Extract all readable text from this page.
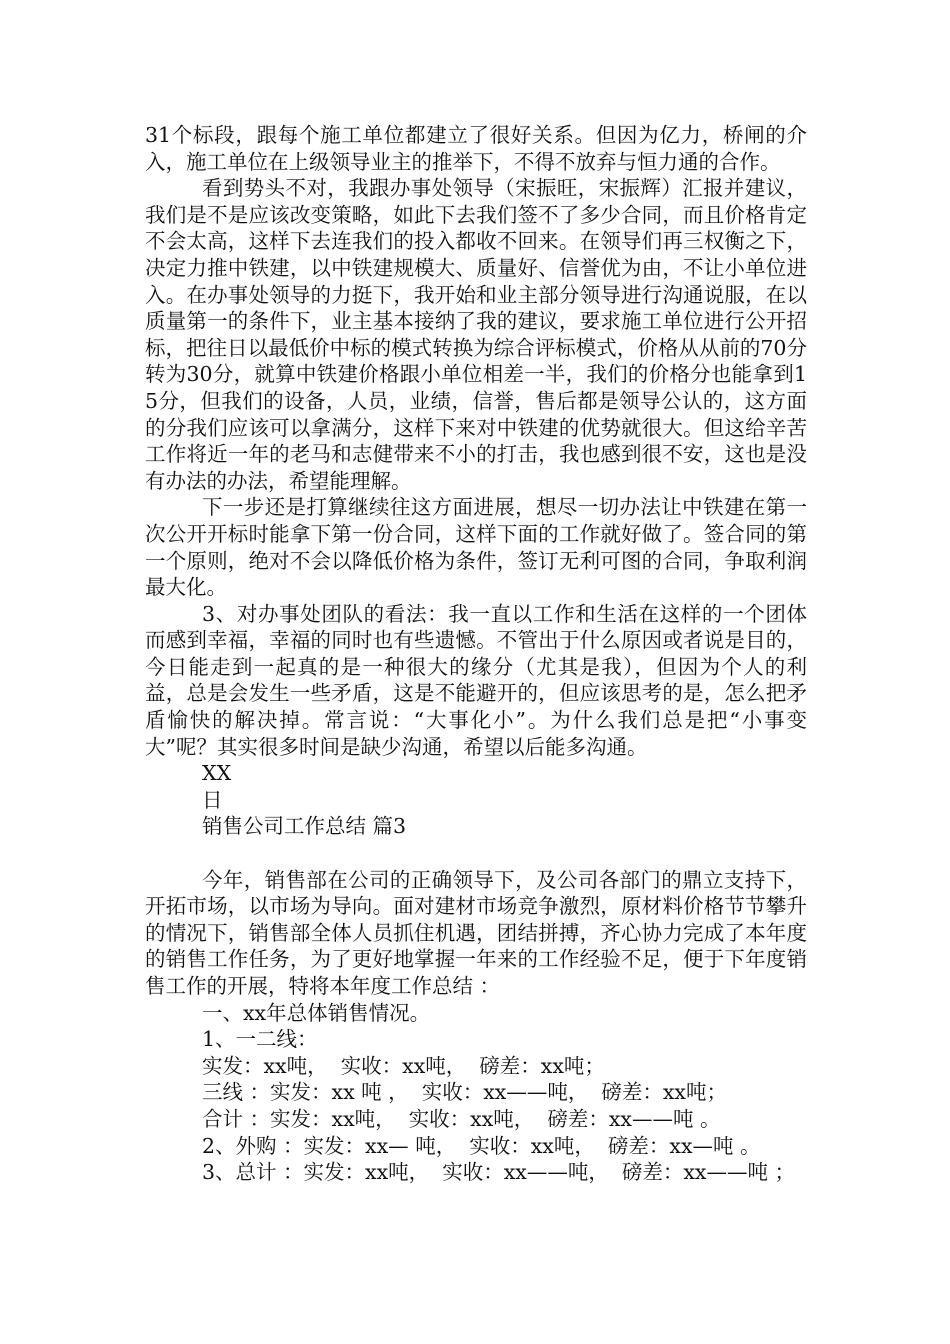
31个标段，跟每个施工单位都建立了很好关系。但因为亿力，桥闸的介入，施工单位在上级领导业主的推举下，不得不放弃与恒力通的合作。

看到势头不对，我跟办事处领导（宋振旺，宋振辉）汇报并建议，我们是不是应该改变策略，如此下去我们签不了多少合同，而且价格肯定不会太高，这样下去连我们的投入都收不回来。在领导们再三权衡之下，决定力推中铁建，以中铁建规模大、质量好、信誉优为由，不让小单位进入。在办事处领导的力挺下，我开始和业主部分领导进行沟通说服，在以质量第一的条件下，业主基本接纳了我的建议，要求施工单位进行公开招标，把往日以最低价中标的模式转换为综合评标模式，价格从从前的70分转为30分，就算中铁建价格跟小单位相差一半，我们的价格分也能拿到15分，但我们的设备，人员，业绩，信誉，售后都是领导公认的，这方面的分我们应该可以拿满分，这样下来对中铁建的优势就很大。但这给辛苦工作将近一年的老马和志健带来不小的打击，我也感到很不安，这也是没有办法的办法，希望能理解。

下一步还是打算继续往这方面进展，想尽一切办法让中铁建在第一次公开开标时能拿下第一份合同，这样下面的工作就好做了。签合同的第一个原则，绝对不会以降低价格为条件，签订无利可图的合同，争取利润最大化。

3、对办事处团队的看法：我一直以工作和生活在这样的一个团体而感到幸福，幸福的同时也有些遗憾。不管出于什么原因或者说是目的，今日能走到一起真的是一种很大的缘分（尤其是我），但因为个人的利益，总是会发生一些矛盾，这是不能避开的，但应该思考的是，怎么把矛盾愉快的解决掉。常言说：“大事化小”。为什么我们总是把“小事变大”呢？其实很多时间是缺少沟通，希望以后能多沟通。

XX

日

销售公司工作总结 篇3

今年，销售部在公司的正确领导下，及公司各部门的鼎立支持下，开拓市场，以市场为导向。面对建材市场竞争激烈，原材料价格节节攀升的情况下，销售部全体人员抓住机遇，团结拼搏，齐心协力完成了本年度的销售工作任务，为了更好地掌握一年来的工作经验不足，便于下年度销售工作的开展，特将本年度工作总结 ：

一、xx年总体销售情况。

1、一二线：

实发：xx吨，  实收：xx吨，  磅差：xx吨；

三线 ：实发：xx 吨 ，  实收：xx——吨，  磅差：xx吨；

合计 ：实发：xx吨，  实收：xx吨，  磅差：xx——吨 。

2、外购 ：实发：xx— 吨，  实收：xx吨，  磅差：xx—吨 。

3、总计 ：实发：xx吨，  实收：xx——吨，  磅差：xx——吨 ；
